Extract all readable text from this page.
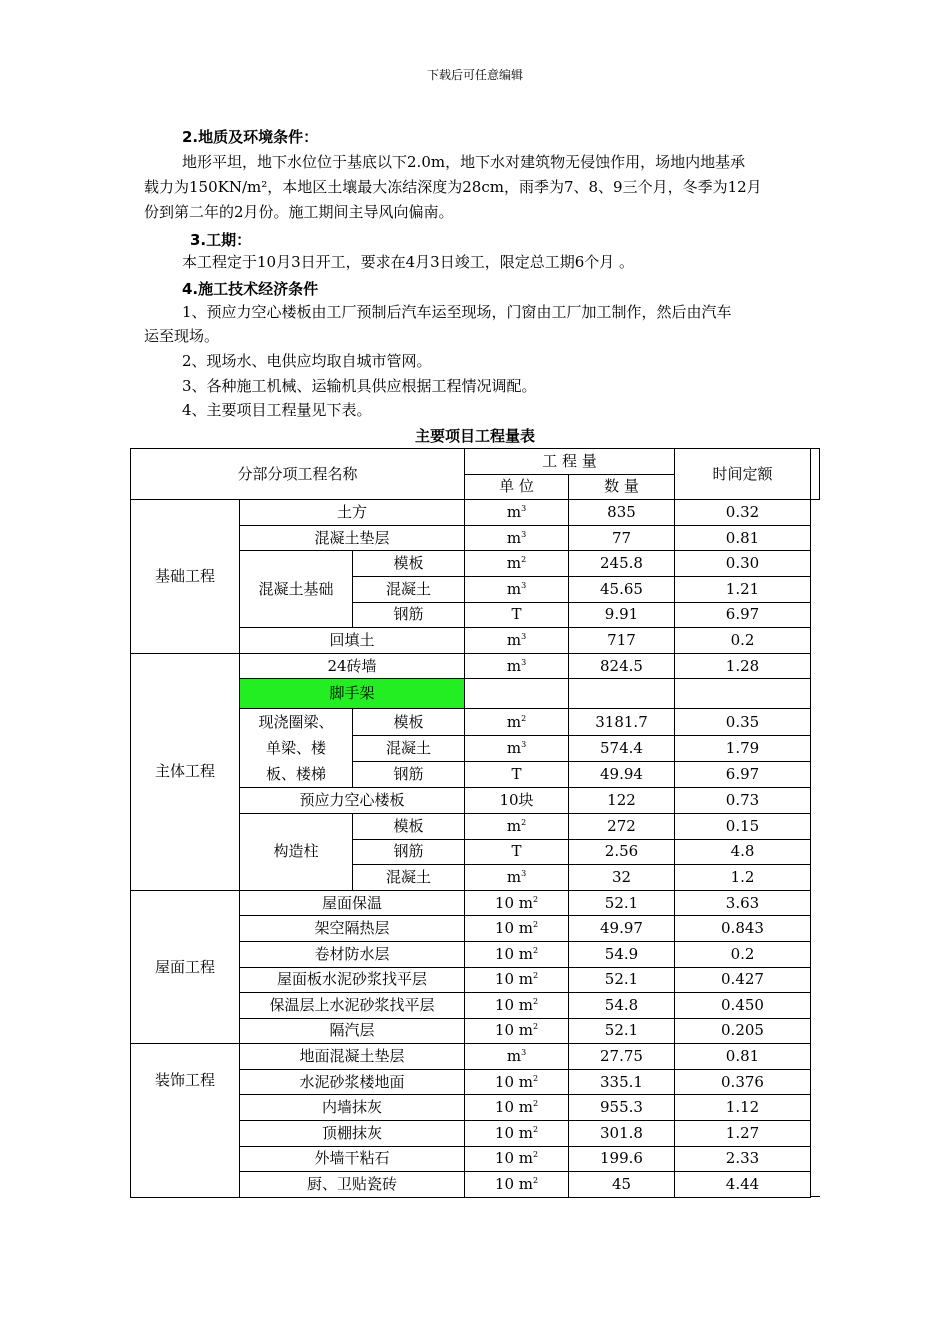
下载后可任意编辑
2.地质及环境条件：
地形平坦，地下水位位于基底以下2.0m，地下水对建筑物无侵蚀作用，场地内地基承
载力为150KN/m²，本地区土壤最大冻结深度为28cm，雨季为7、8、9三个月，冬季为12月
份到第二年的2月份。施工期间主导风向偏南。
3.工期：
本工程定于10月3日开工，要求在4月3日竣工，限定总工期6个月 。
4.施工技术经济条件
1、预应力空心楼板由工厂预制后汽车运至现场，门窗由工厂加工制作，然后由汽车
运至现场。
2、现场水、电供应均取自城市管网。
3、各种施工机械、运输机具供应根据工程情况调配。
4、主要项目工程量见下表。
主要项目工程量表
分部分项工程名称			工 程 量		时间定额
			单 位	数 量	
基础工程	土方		$m^3$	835	0.32
	混凝土垫层		$m^3$	77	0.81
	混凝土基础	模板	$m^2$	245.8	0.30
		混凝土	$m^3$	45.65	1.21
		钢筋	T	9.91	6.97
	回填土		$m^3$	717	0.2
主体工程	24砖墙		$m^3$	824.5	1.28
	脚手架				

	现浇圈梁、
单梁、楼
板、楼梯	模板	$m^2$	3181.7	0.35
		混凝土	$m^3$	574.4	1.79
		钢筋	T	49.94	6.97
	预应力空心楼板		10块	122	0.73
	构造柱	模板	$m^2$	272	0.15
		钢筋	T	2.56	4.8
		混凝土	$m^3$	32	1.2
屋面工程	屋面保温		10 $m^2$	52.1	3.63
	架空隔热层		10 $m^2$	49.97	0.843
	卷材防水层		10 $m^2$	54.9	0.2
	屋面板水泥砂浆找平层		10 $m^2$	52.1	0.427
	保温层上水泥砂浆找平层		10 $m^2$	54.8	0.450
	隔汽层		10 $m^2$	52.1	0.205
装饰工程	地面混凝土垫层		$m^3$	27.75	0.81
	水泥砂浆楼地面		10 $m^2$	335.1	0.376
	内墙抹灰		10 $m^2$	955.3	1.12
	顶棚抹灰		10 $m^2$	301.8	1.27
	外墙干粘石		10 $m^2$	199.6	2.33
	厨、卫贴瓷砖		10 $m^2$	45	4.44
